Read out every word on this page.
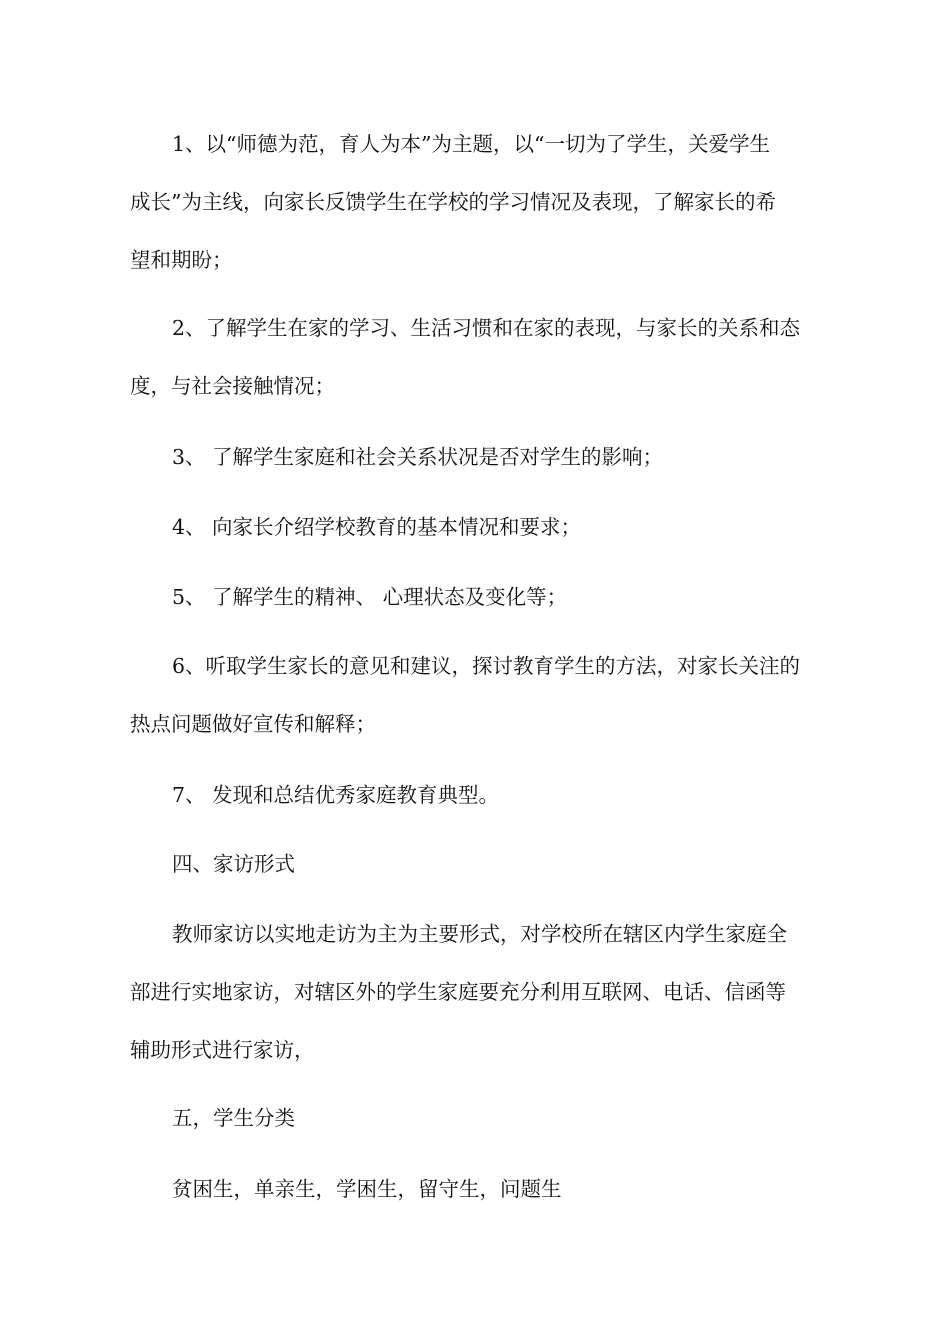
1、以“师德为范，育人为本”为主题，以“一切为了学生，关爱学生
成长”为主线，向家长反馈学生在学校的学习情况及表现，了解家长的希
望和期盼；
2、了解学生在家的学习、生活习惯和在家的表现，与家长的关系和态
度，与社会接触情况；
3、 了解学生家庭和社会关系状况是否对学生的影响；
4、 向家长介绍学校教育的基本情况和要求；
5、 了解学生的精神、 心理状态及变化等；
6、听取学生家长的意见和建议，探讨教育学生的方法，对家长关注的
热点问题做好宣传和解释；
7、 发现和总结优秀家庭教育典型。
四、家访形式
教师家访以实地走访为主为主要形式，对学校所在辖区内学生家庭全
部进行实地家访，对辖区外的学生家庭要充分利用互联网、电话、信函等
辅助形式进行家访，
五，学生分类
贫困生，单亲生，学困生，留守生，问题生
